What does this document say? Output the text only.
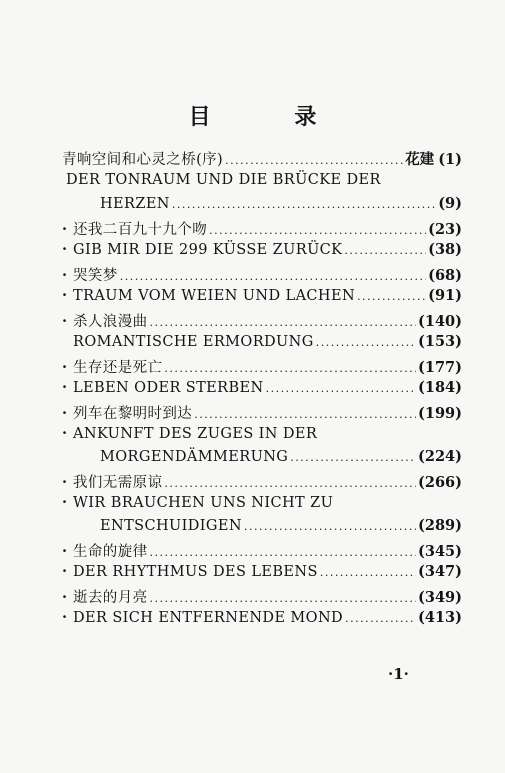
目 录
青响空间和心灵之桥(序) .....	花建 (1)
DER TONRAUM UND DIE BRÜCKE DER
HERZEN .....	(9)
· 还我二百九十九个吻 .....	(23)
· GIB MIR DIE 299 KÜSSE ZURÜCK .....	(38)
· 哭笑梦 .....	(68)
· TRAUM VOM WEIEN UND LACHEN .....	(91)
· 杀人浪漫曲 .....	(140)
ROMANTISCHE ERMORDUNG .....	(153)
· 生存还是死亡 .....	(177)
· LEBEN ODER STERBEN .....	(184)
· 列车在黎明时到达 .....	(199)
· ANKUNFT DES ZUGES IN DER
MORGENDÄMMERUNG .....	(224)
· 我们无需原谅 .....	(266)
· WIR BRAUCHEN UNS NICHT ZU
ENTSCHUIDIGEN .....	(289)
· 生命的旋律 .....	(345)
· DER RHYTHMUS DES LEBENS .....	(347)
· 逝去的月亮 .....	(349)
· DER SICH ENTFERNENDE MOND .....	(413)
·1·
